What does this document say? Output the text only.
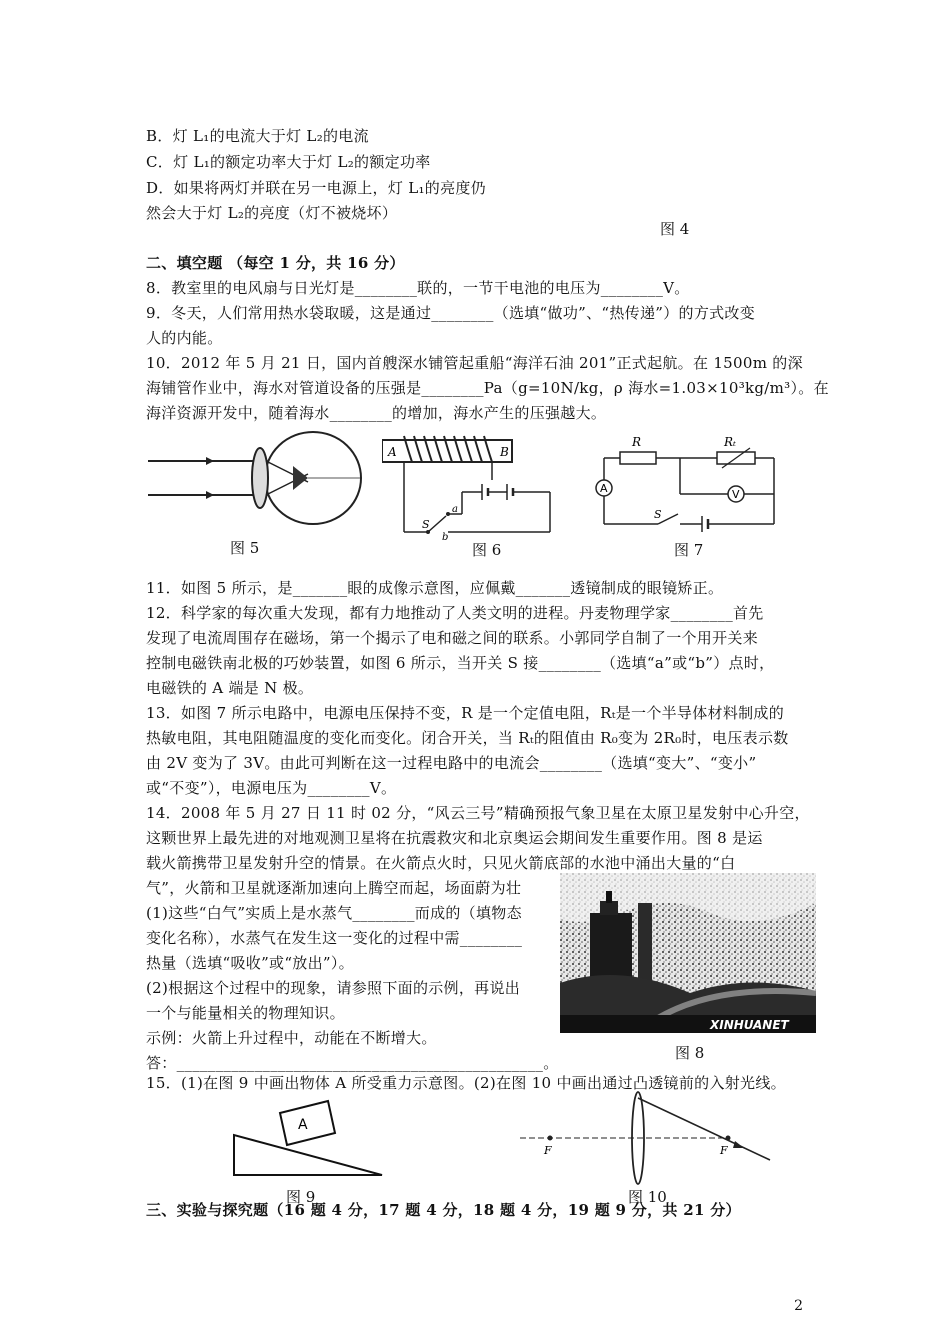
B．灯 L₁的电流大于灯 L₂的电流
C．灯 L₁的额定功率大于灯 L₂的额定功率
D．如果将两灯并联在另一电源上，灯 L₁的亮度仍
然会大于灯 L₂的亮度（灯不被烧坏）
图 4
二、填空题 （每空 1 分，共 16 分）
8．教室里的电风扇与日光灯是________联的，一节干电池的电压为________V。
9．冬天，人们常用热水袋取暖，这是通过________（选填“做功”、“热传递”）的方式改变
人的内能。
10．2012 年 5 月 21 日，国内首艘深水铺管起重船“海洋石油 201”正式起航。在 1500m 的深
海铺管作业中，海水对管道设备的压强是________Pa（g=10N/kg，ρ 海水=1.03×10³kg/m³）。在
海洋资源开发中，随着海水________的增加，海水产生的压强越大。
图 5
A	B
S
a
b
图 6
R	Rₜ
A	V
S
图 7
11．如图 5 所示，是_______眼的成像示意图，应佩戴_______透镜制成的眼镜矫正。
12．科学家的每次重大发现，都有力地推动了人类文明的进程。丹麦物理学家________首先
发现了电流周围存在磁场，第一个揭示了电和磁之间的联系。小郭同学自制了一个用开关来
控制电磁铁南北极的巧妙装置，如图 6 所示，当开关 S 接________（选填“a”或“b”）点时，
电磁铁的 A 端是 N 极。
13．如图 7 所示电路中，电源电压保持不变，R 是一个定值电阻，Rₜ是一个半导体材料制成的
热敏电阻，其电阻随温度的变化而变化。闭合开关，当 Rₜ的阻值由 R₀变为 2R₀时，电压表示数
由 2V 变为了 3V。由此可判断在这一过程电路中的电流会________（选填“变大”、“变小”
或“不变”），电源电压为________V。
14．2008 年 5 月 27 日 11 时 02 分，“风云三号”精确预报气象卫星在太原卫星发射中心升空，
这颗世界上最先进的对地观测卫星将在抗震救灾和北京奥运会期间发生重要作用。图 8 是运
载火箭携带卫星发射升空的情景。在火箭点火时，只见火箭底部的水池中涌出大量的“白
气”，火箭和卫星就逐渐加速向上腾空而起，场面蔚为壮
(1)这些“白气”实质上是水蒸气________而成的（填物态
变化名称），水蒸气在发生这一变化的过程中需________
热量（选填“吸收”或“放出”）。
(2)根据这个过程中的现象，请参照下面的示例，再说出
一个与能量相关的物理知识。
示例：火箭上升过程中，动能在不断增大。
答：_______________________________________________。
XINHUANET
图 8
15．(1)在图 9 中画出物体 A 所受重力示意图。(2)在图 10 中画出通过凸透镜前的入射光线。
A
图 9
F	F
图 10
三、实验与探究题（16 题 4 分，17 题 4 分，18 题 4 分，19 题 9 分，共 21 分）
2
